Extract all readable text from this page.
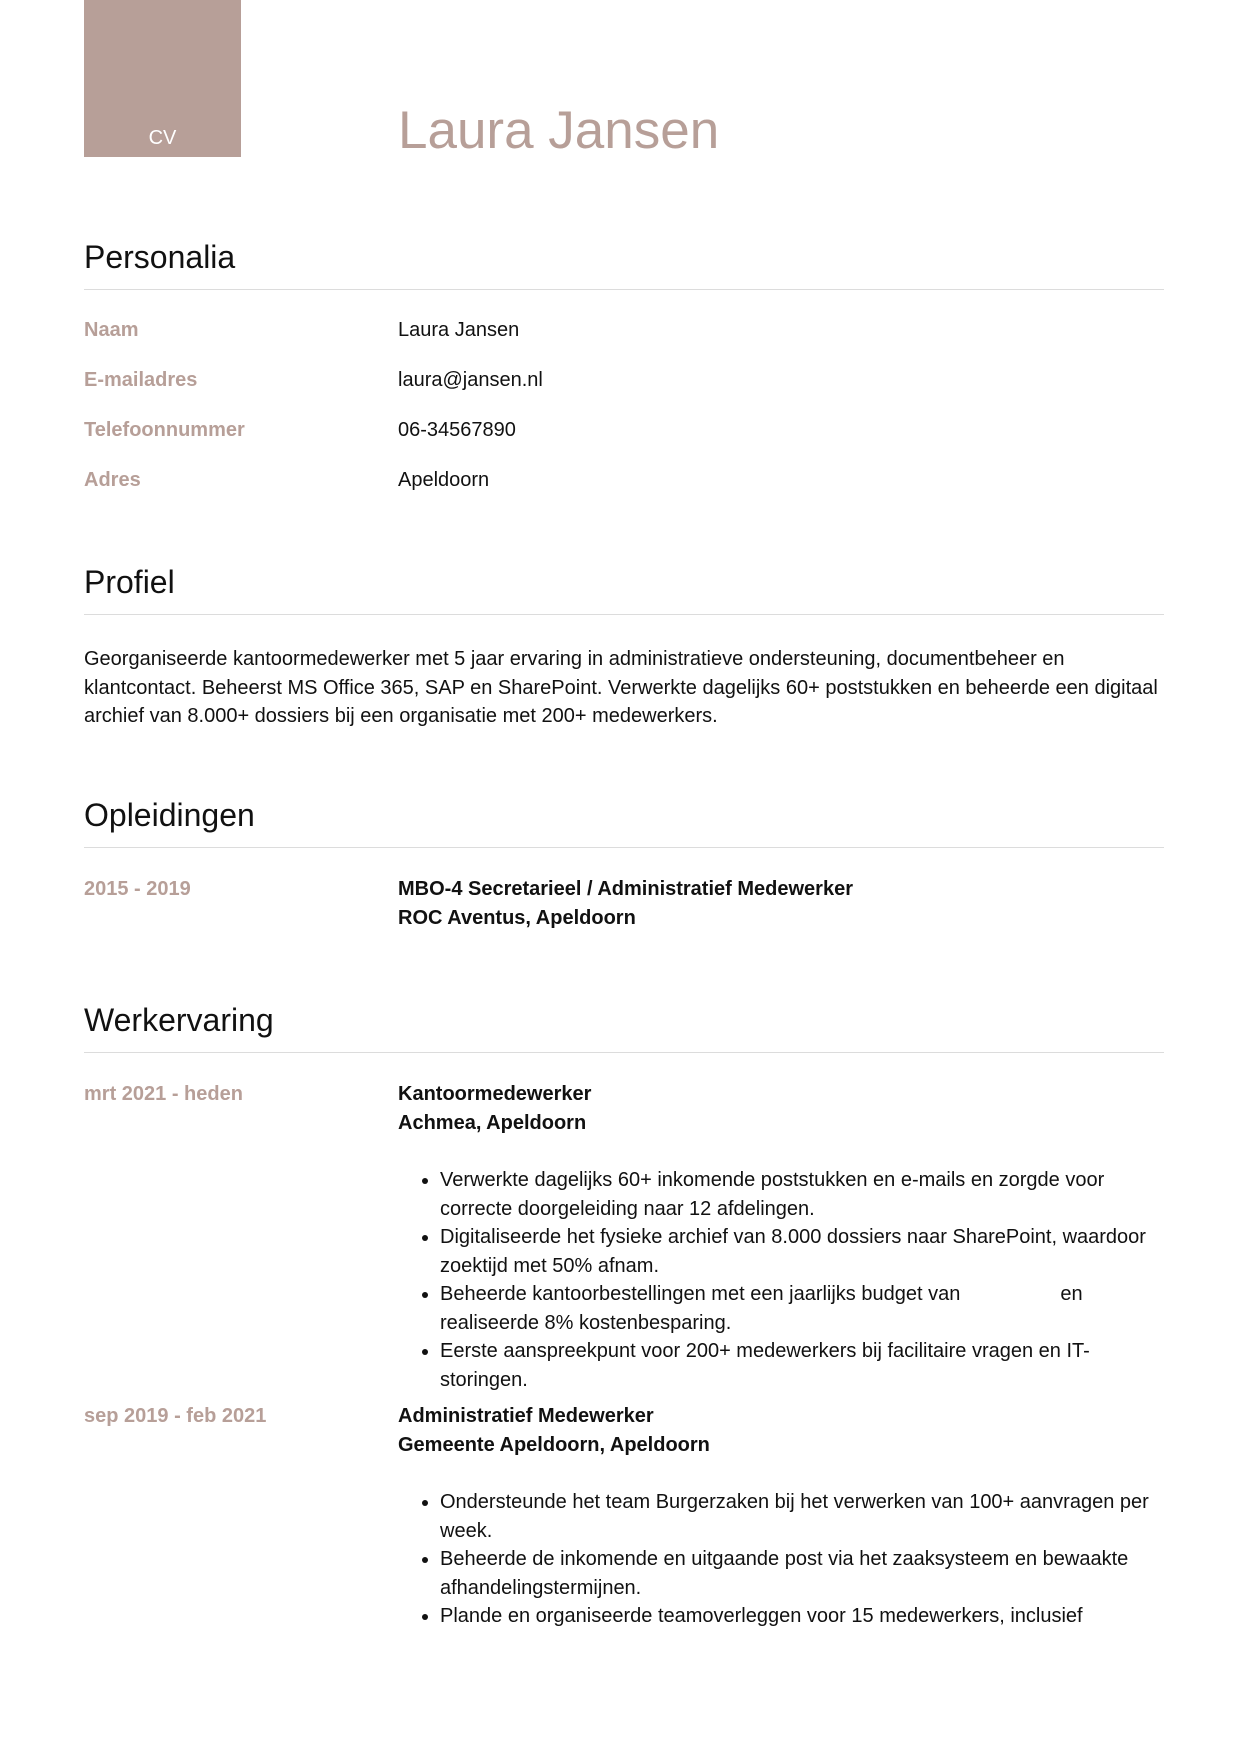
CV	Laura Jansen
Personalia
Naam	Laura Jansen
E-mailadres	laura@jansen.nl
Telefoonnummer	06-34567890
Adres	Apeldoorn
Profiel

Georganiseerde kantoormedewerker met 5 jaar ervaring in administratieve ondersteuning, documentbeheer en klantcontact. Beheerst MS Office 365, SAP en SharePoint. Verwerkte dagelijks 60+ poststukken en beheerde een digitaal archief van 8.000+ dossiers bij een organisatie met 200+ medewerkers.

Opleidingen
2015 - 2019	MBO-4 Secretarieel / Administratief Medewerker
ROC Aventus, Apeldoorn
Werkervaring
mrt 2021 - heden	Kantoormedewerker
Achmea, Apeldoorn
• Verwerkte dagelijks 60+ inkomende poststukken en e-mails en zorgde voor correcte doorgeleiding naar 12 afdelingen.
• Digitaliseerde het fysieke archief van 8.000 dossiers naar SharePoint, waardoor zoektijd met 50% afnam.
• Beheerde kantoorbestellingen met een jaarlijks budget van                  en realiseerde 8% kostenbesparing.
• Eerste aanspreekpunt voor 200+ medewerkers bij facilitaire vragen en IT-storingen.
sep 2019 - feb 2021	Administratief Medewerker
Gemeente Apeldoorn, Apeldoorn
• Ondersteunde het team Burgerzaken bij het verwerken van 100+ aanvragen per week.
• Beheerde de inkomende en uitgaande post via het zaaksysteem en bewaakte afhandelingstermijnen.
• Plande en organiseerde teamoverleggen voor 15 medewerkers, inclusief
